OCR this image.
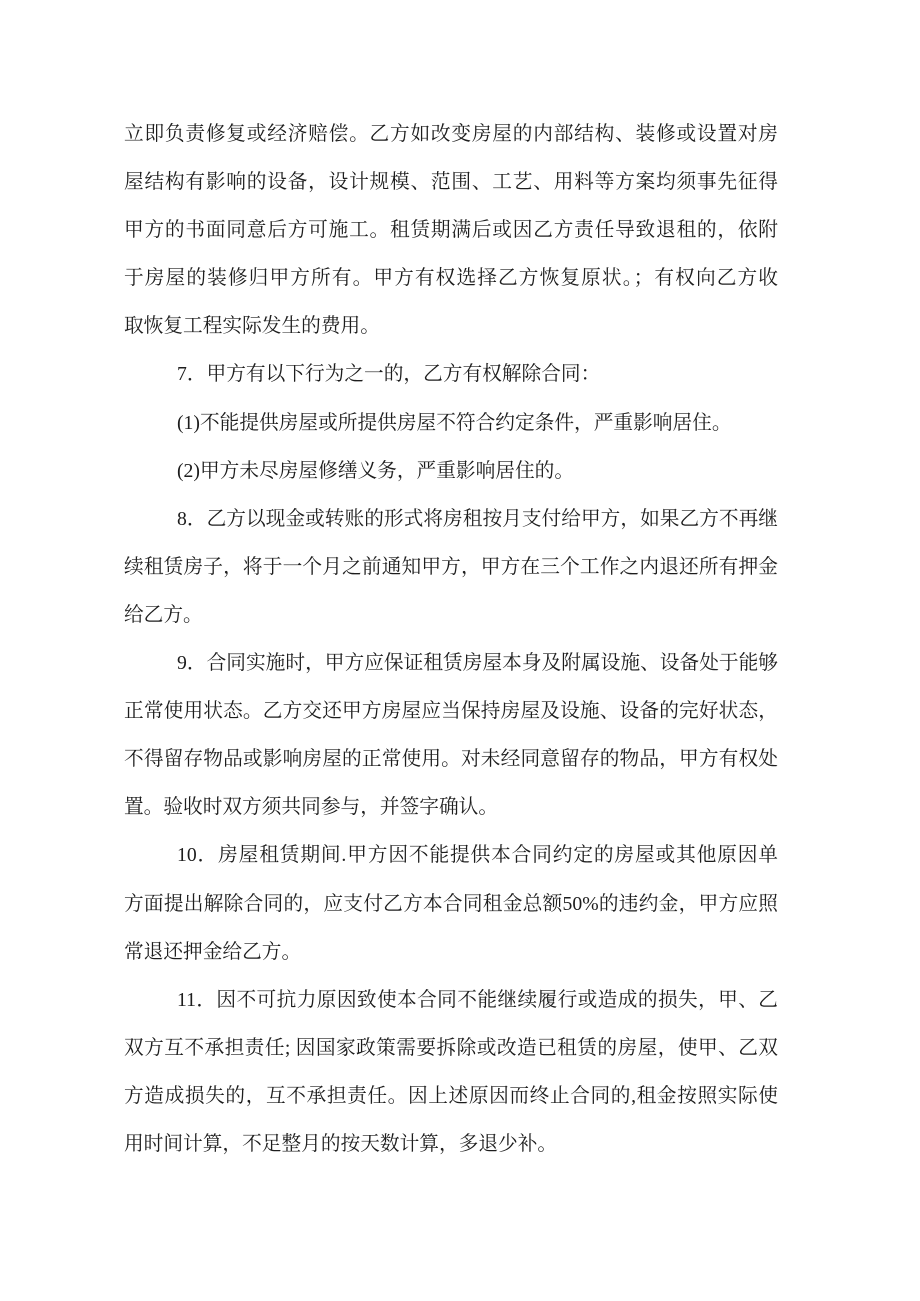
立即负责修复或经济赔偿。乙方如改变房屋的内部结构、装修或设置对房
屋结构有影响的设备，设计规模、范围、工艺、用料等方案均须事先征得
甲方的书面同意后方可施工。租赁期满后或因乙方责任导致退租的，依附
于房屋的装修归甲方所有。甲方有权选择乙方恢复原状。；有权向乙方收
取恢复工程实际发生的费用。
7．甲方有以下行为之一的，乙方有权解除合同：
(1)不能提供房屋或所提供房屋不符合约定条件，严重影响居住。
(2)甲方未尽房屋修缮义务，严重影响居住的。
8．乙方以现金或转账的形式将房租按月支付给甲方，如果乙方不再继
续租赁房子，将于一个月之前通知甲方，甲方在三个工作之内退还所有押金
给乙方。
9．合同实施时，甲方应保证租赁房屋本身及附属设施、设备处于能够
正常使用状态。乙方交还甲方房屋应当保持房屋及设施、设备的完好状态，
不得留存物品或影响房屋的正常使用。对未经同意留存的物品，甲方有权处
置。验收时双方须共同参与，并签字确认。
10．房屋租赁期间.甲方因不能提供本合同约定的房屋或其他原因单
方面提出解除合同的，应支付乙方本合同租金总额50%的违约金，甲方应照
常退还押金给乙方。
11．因不可抗力原因致使本合同不能继续履行或造成的损失，甲、乙
双方互不承担责任; 因国家政策需要拆除或改造已租赁的房屋，使甲、乙双
方造成损失的，互不承担责任。因上述原因而终止合同的,租金按照实际使
用时间计算，不足整月的按天数计算，多退少补。
